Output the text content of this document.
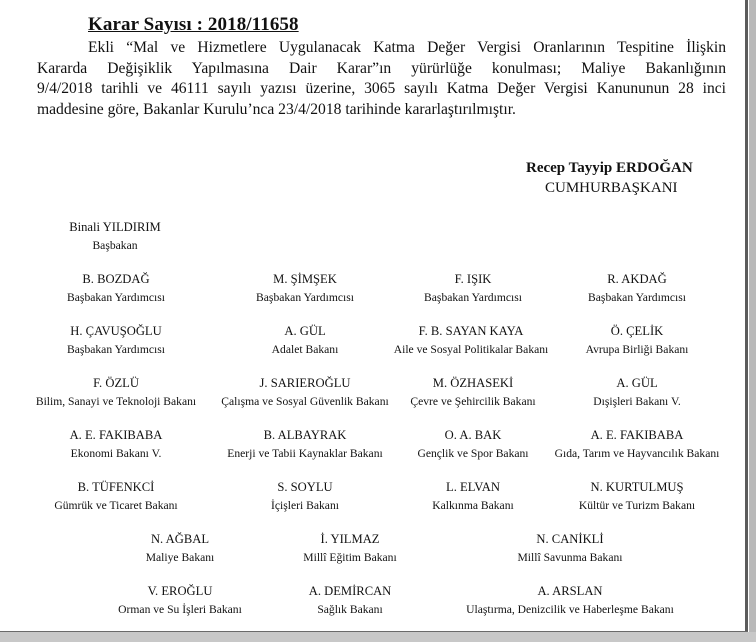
Karar Sayısı : 2018/11658
Ekli “Mal ve Hizmetlere Uygulanacak Katma Değer Vergisi Oranlarının Tespitine İlişkin
Kararda Değişiklik Yapılmasına Dair Karar”ın yürürlüğe konulması; Maliye Bakanlığının
9/4/2018 tarihli ve 46111 sayılı yazısı üzerine, 3065 sayılı Katma Değer Vergisi Kanununun 28 inci
maddesine göre, Bakanlar Kurulu’nca 23/4/2018 tarihinde kararlaştırılmıştır.
Recep Tayyip ERDOĞAN
CUMHURBAŞKANI
Binali YILDIRIM
Başbakan
B. BOZDAĞ
Başbakan Yardımcısı
M. ŞİMŞEK
Başbakan Yardımcısı
F. IŞIK
Başbakan Yardımcısı
R. AKDAĞ
Başbakan Yardımcısı
H. ÇAVUŞOĞLU
Başbakan Yardımcısı
A. GÜL
Adalet Bakanı
F. B. SAYAN KAYA
Aile ve Sosyal Politikalar Bakanı
Ö. ÇELİK
Avrupa Birliği Bakanı
F. ÖZLÜ
Bilim, Sanayi ve Teknoloji Bakanı
J. SARIEROĞLU
Çalışma ve Sosyal Güvenlik Bakanı
M. ÖZHASEKİ
Çevre ve Şehircilik Bakanı
A. GÜL
Dışişleri Bakanı V.
A. E. FAKIBABA
Ekonomi Bakanı V.
B. ALBAYRAK
Enerji ve Tabii Kaynaklar Bakanı
O. A. BAK
Gençlik ve Spor Bakanı
A. E. FAKIBABA
Gıda, Tarım ve Hayvancılık Bakanı
B. TÜFENKCİ
Gümrük ve Ticaret Bakanı
S. SOYLU
İçişleri Bakanı
L. ELVAN
Kalkınma Bakanı
N. KURTULMUŞ
Kültür ve Turizm Bakanı
N. AĞBAL
Maliye Bakanı
İ. YILMAZ
Millî Eğitim Bakanı
N. CANİKLİ
Millî Savunma Bakanı
V. EROĞLU
Orman ve Su İşleri Bakanı
A. DEMİRCAN
Sağlık Bakanı
A. ARSLAN
Ulaştırma, Denizcilik ve Haberleşme Bakanı
